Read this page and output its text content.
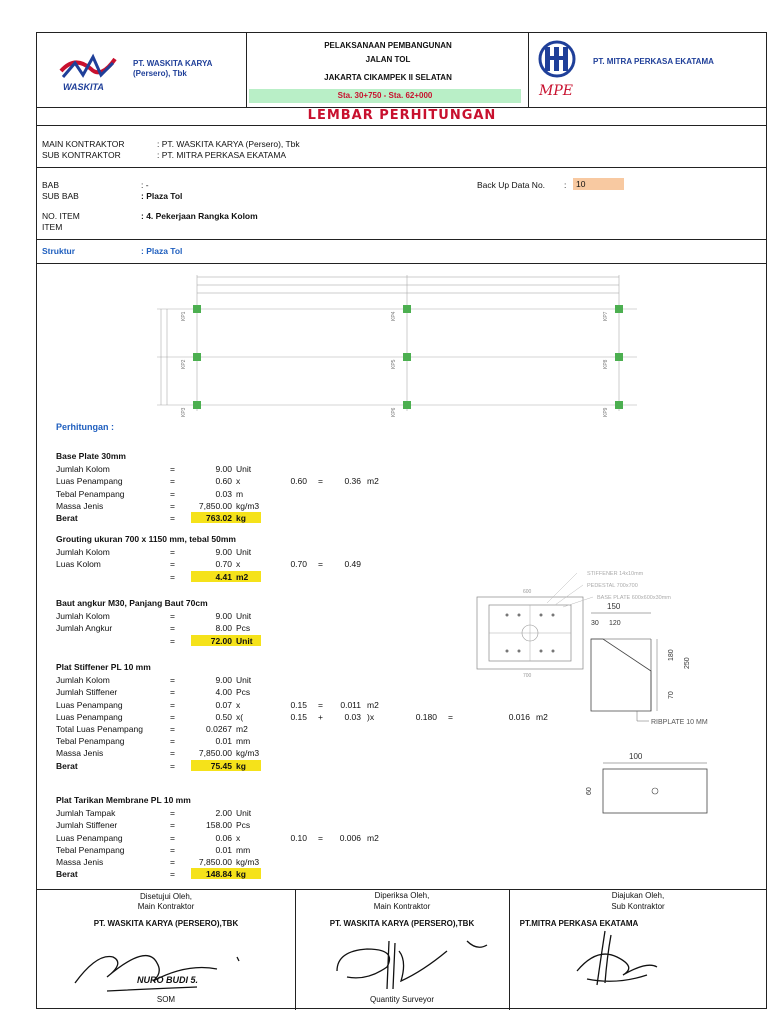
WASKITA
PT. WASKITA KARYA
(Persero), Tbk
PELAKSANAAN PEMBANGUNAN
JALAN TOL
JAKARTA CIKAMPEK II SELATAN
Sta. 30+750 - Sta. 62+000	MPE
PT. MITRA PERKASA EKATAMA
LEMBAR PERHITUNGAN
MAIN KONTRAKTOR	: PT. WASKITA KARYA (Persero), Tbk
SUB KONTRAKTOR	: PT. MITRA PERKASA EKATAMA
BAB	: -
SUB BAB	: Plaza Tol
Back Up Data No. :	10
NO. ITEM	: 4. Pekerjaan Rangka Kolom
ITEM
Struktur	: Plaza Tol
KP1
KP2
KP3
KP4
KP5
KP6
KP7
KP8
KP9
Perhitungan :
Base Plate 30mm
Jumlah Kolom	=	9.00 Unit
Luas Penampang	=	0.60 x	0.60 =	0.36 m2
Tebal Penampang	=	0.03 m
Massa Jenis	=	7,850.00 kg/m3
Berat	=	763.02 kg
Grouting ukuran 700 x 1150 mm, tebal 50mm
Jumlah Kolom	=	9.00 Unit
Luas Kolom	=	0.70 x	0.70 =	0.49
=	4.41 m2
Baut angkur M30, Panjang Baut 70cm
Jumlah Kolom	=	9.00 Unit
Jumlah Angkur	=	8.00 Pcs
=	72.00 Unit
Plat Stiffener PL 10 mm
Jumlah Kolom	=	9.00 Unit
Jumlah Stiffener	=	4.00 Pcs
Luas Penampang	=	0.07 x	0.15 = 0.011 m2
Luas Penampang	=	0.50 x(	0.15 +	0.03 )x	0.180 =	0.016 m2
Total Luas Penampang	=	0.0267 m2
Tebal Penampang	=	0.01 mm
Massa Jenis	=	7,850.00 kg/m3
Berat	=	75.45 kg
Plat Tarikan Membrane PL 10 mm
Jumlah Tampak	=	2.00 Unit
Jumlah Stiffener	=	158.00 Pcs
Luas Penampang	=	0.06 x	0.10 = 0.006 m2
Tebal Penampang	=	0.01 mm
Massa Jenis	=	7,850.00 kg/m3
Berat	=	148.84 kg
STIFFENER 14x10mm
PEDESTAL 700x700
BASE PLATE 600x600x30mm
600
700
150
30 120
180
250
70
RIBPLATE 10 MM
100
60
Disetujui Oleh,
Main Kontraktor
PT. WASKITA KARYA (PERSERO),TBK
NURO BUDI 5.
SOM
Diperiksa Oleh,
Main Kontraktor
PT. WASKITA KARYA (PERSERO),TBK
Quantity Surveyor
Diajukan Oleh,
Sub Kontraktor
PT.MITRA PERKASA EKATAMA
